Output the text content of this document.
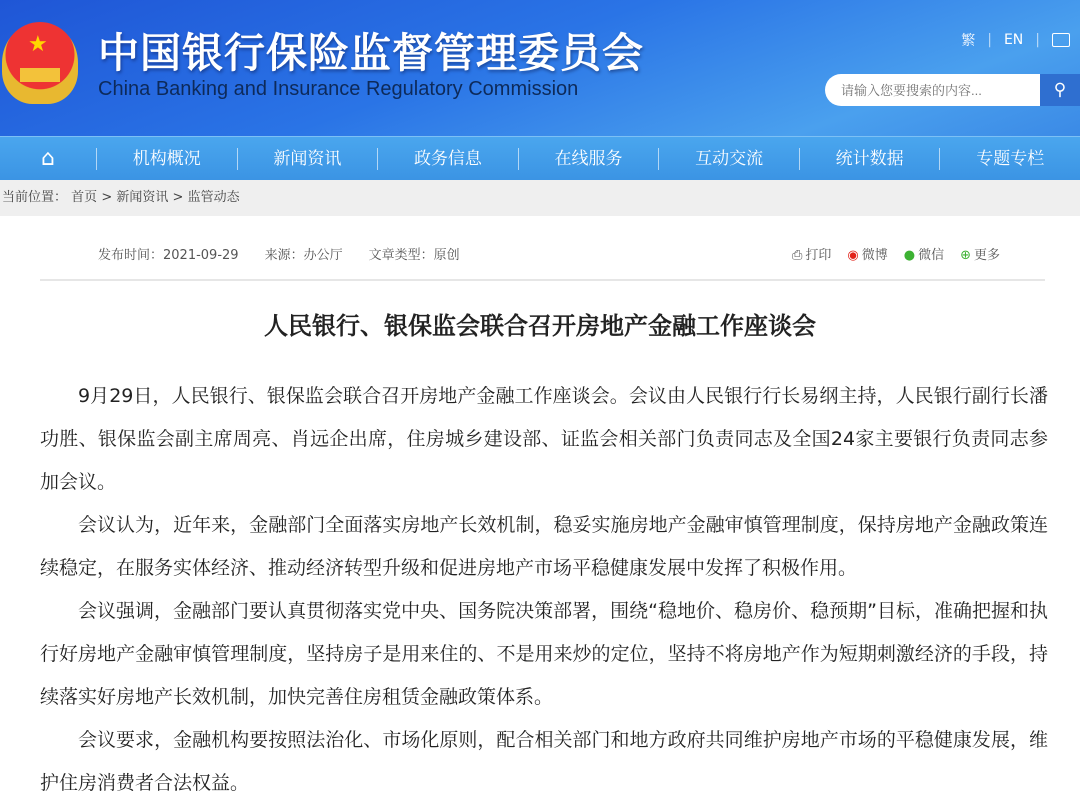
★ 中国银行保险监督管理委员会
China Banking and Insurance Regulatory Commission
繁 | EN |
请输入您要搜索的内容...
⚲
⌂	机构概况	新闻资讯	政务信息	在线服务	互动交流	统计数据	专题专栏
当前位置： 首页 > 新闻资讯 > 监管动态
发布时间：2021-09-29 来源：办公厅 文章类型：原创	⎙ 打印 ◉ 微博 ● 微信 ⊕ 更多
人民银行、银保监会联合召开房地产金融工作座谈会

9月29日，人民银行、银保监会联合召开房地产金融工作座谈会。会议由人民银行行长易纲主持，人民银行副行长潘功胜、银保监会副主席周亮、肖远企出席，住房城乡建设部、证监会相关部门负责同志及全国24家主要银行负责同志参加会议。

会议认为，近年来，金融部门全面落实房地产长效机制，稳妥实施房地产金融审慎管理制度，保持房地产金融政策连续稳定，在服务实体经济、推动经济转型升级和促进房地产市场平稳健康发展中发挥了积极作用。

会议强调，金融部门要认真贯彻落实党中央、国务院决策部署，围绕“稳地价、稳房价、稳预期”目标，准确把握和执行好房地产金融审慎管理制度，坚持房子是用来住的、不是用来炒的定位，坚持不将房地产作为短期刺激经济的手段，持续落实好房地产长效机制，加快完善住房租赁金融政策体系。

会议要求，金融机构要按照法治化、市场化原则，配合相关部门和地方政府共同维护房地产市场的平稳健康发展，维护住房消费者合法权益。
